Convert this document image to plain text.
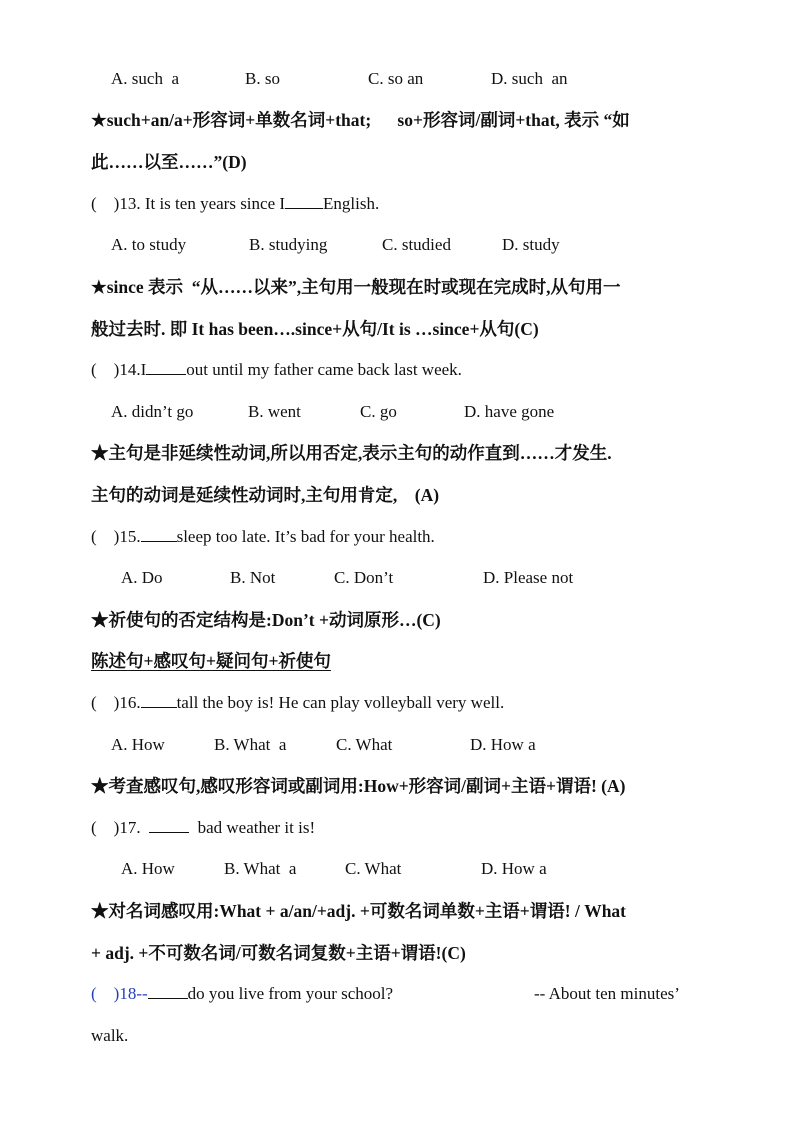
A. such  a	B. so	C. so an	D. such  an
★such+an/a+形容词+单数名词+that;      so+形容词/副词+that, 表示 “如
此……以至……”(D)
(    )13. It is ten years since I English.
A. to study	B. studying	C. studied	D. study
★since 表示  “从……以来”,主句用一般现在时或现在完成时,从句用一
般过去时. 即 It has been….since+从句/It is …since+从句(C)
(    )14.I out until my father came back last week.
A. didn’t go	B. went	C. go	D. have gone
★主句是非延续性动词,所以用否定,表示主句的动作直到……才发生.
主句的动词是延续性动词时,主句用肯定,    (A)
(    )15. sleep too late. It’s bad for your health.
A. Do	B. Not	C. Don’t	D. Please not
★祈使句的否定结构是:Don’t +动词原形…(C)
陈述句+感叹句+疑问句+祈使句
(    )16. tall the boy is! He can play volleyball very well.
A. How	B. What  a	C. What	D. How a
★考查感叹句,感叹形容词或副词用:How+形容词/副词+主语+谓语! (A)
(    )17.    bad weather it is!
A. How	B. What  a	C. What	D. How a
★对名词感叹用:What + a/an/+adj. +可数名词单数+主语+谓语! / What
+ adj. +不可数名词/可数名词复数+主语+谓语!(C)
(    )18-- do you live from your school?	-- About ten minutes’
walk.
